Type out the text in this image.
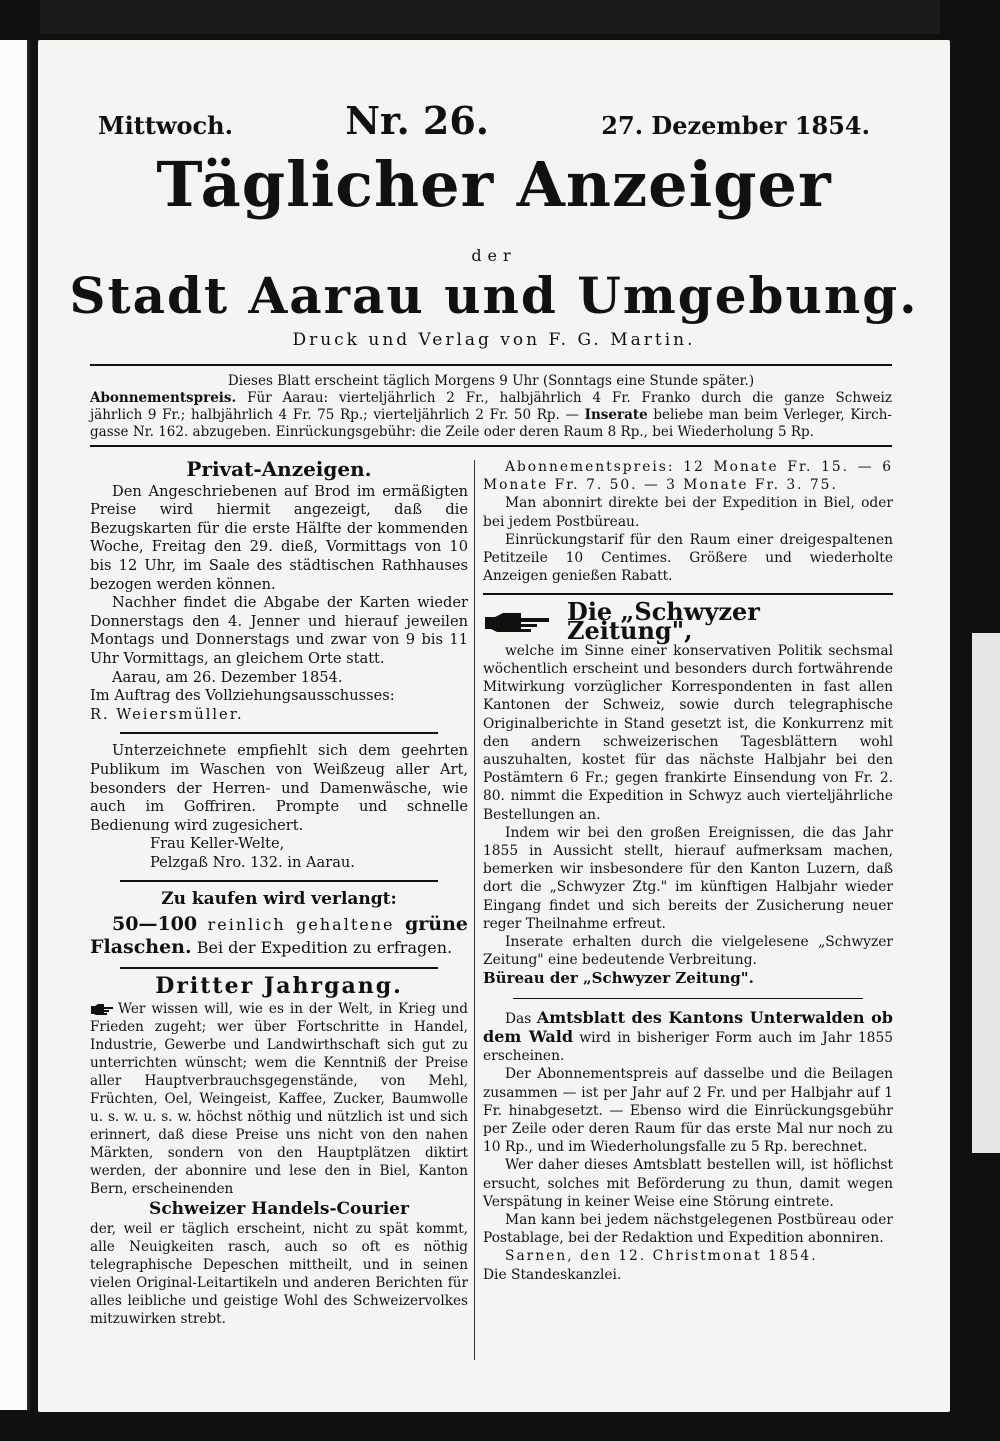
Mittwoch.	Nr. 26.	27. Dezember 1854.
Täglicher Anzeiger
der
Stadt Aarau und Umgebung.
Druck und Verlag von F. G. Martin.
Dieses Blatt erscheint täglich Morgens 9 Uhr (Sonntags eine Stunde später.)

Abonnementspreis. Für Aarau: vierteljährlich 2 Fr., halbjährlich 4 Fr. Franko durch die ganze Schweiz

jährlich 9 Fr.; halbjährlich 4 Fr. 75 Rp.; vierteljährlich 2 Fr. 50 Rp. — Inserate beliebe man beim Verleger, Kirch-

gasse Nr. 162. abzugeben. Einrückungsgebühr: die Zeile oder deren Raum 8 Rp., bei Wiederholung 5 Rp.

Privat-Anzeigen.

Den Angeschriebenen auf Brod im ermäßigten Preise wird hiermit angezeigt, daß die Bezugskarten für die erste Hälfte der kommenden Woche, Freitag den 29. dieß, Vormittags von 10 bis 12 Uhr, im Saale des städtischen Rathhauses bezogen werden können.

Nachher findet die Abgabe der Karten wieder Donnerstags den 4. Jenner und hierauf jeweilen Montags und Donnerstags und zwar von 9 bis 11 Uhr Vormittags, an gleichem Orte statt.

Aarau, am 26. Dezember 1854.

Im Auftrag des Vollziehungsausschusses:

R. Weiersmüller.

Unterzeichnete empfiehlt sich dem geehrten Publikum im Waschen von Weißzeug aller Art, besonders der Herren- und Damenwäsche, wie auch im Goffriren. Prompte und schnelle Bedienung wird zugesichert.

Frau Keller-Welte,

Pelzgaß Nro. 132. in Aarau.

Zu kaufen wird verlangt:

50—100 reinlich gehaltene grüne Flaschen. Bei der Expedition zu erfragen.

Dritter Jahrgang.

Wer wissen will, wie es in der Welt, in Krieg und Frieden zugeht; wer über Fortschritte in Handel, Industrie, Gewerbe und Landwirthschaft sich gut zu unterrichten wünscht; wem die Kenntniß der Preise aller Hauptverbrauchsgegenstände, von Mehl, Früchten, Oel, Weingeist, Kaffee, Zucker, Baumwolle u. s. w. u. s. w. höchst nöthig und nützlich ist und sich erinnert, daß diese Preise uns nicht von den nahen Märkten, sondern von den Hauptplätzen diktirt werden, der abonnire und lese den in Biel, Kanton Bern, erscheinenden

Schweizer Handels-Courier

der, weil er täglich erscheint, nicht zu spät kommt, alle Neuigkeiten rasch, auch so oft es nöthig telegraphische Depeschen mittheilt, und in seinen vielen Original-Leitartikeln und anderen Berichten für alles leibliche und geistige Wohl des Schweizervolkes mitzuwirken strebt.

Abonnementspreis: 12 Monate Fr. 15. — 6 Monate Fr. 7. 50. — 3 Monate Fr. 3. 75.

Man abonnirt direkte bei der Expedition in Biel, oder bei jedem Postbüreau.

Einrückungstarif für den Raum einer dreigespaltenen Petitzeile 10 Centimes. Größere und wiederholte Anzeigen genießen Rabatt.

Die „Schwyzer Zeitung",

welche im Sinne einer konservativen Politik sechsmal wöchentlich erscheint und besonders durch fortwährende Mitwirkung vorzüglicher Korrespondenten in fast allen Kantonen der Schweiz, sowie durch telegraphische Originalberichte in Stand gesetzt ist, die Konkurrenz mit den andern schweizerischen Tagesblättern wohl auszuhalten, kostet für das nächste Halbjahr bei den Postämtern 6 Fr.; gegen frankirte Einsendung von Fr. 2. 80. nimmt die Expedition in Schwyz auch vierteljährliche Bestellungen an.

Indem wir bei den großen Ereignissen, die das Jahr 1855 in Aussicht stellt, hierauf aufmerksam machen, bemerken wir insbesondere für den Kanton Luzern, daß dort die „Schwyzer Ztg." im künftigen Halbjahr wieder Eingang findet und sich bereits der Zusicherung neuer reger Theilnahme erfreut.

Inserate erhalten durch die vielgelesene „Schwyzer Zeitung" eine bedeutende Verbreitung.

Büreau der „Schwyzer Zeitung".

Das Amtsblatt des Kantons Unterwalden ob dem Wald wird in bisheriger Form auch im Jahr 1855 erscheinen.

Der Abonnementspreis auf dasselbe und die Beilagen zusammen — ist per Jahr auf 2 Fr. und per Halbjahr auf 1 Fr. hinabgesetzt. — Ebenso wird die Einrückungsgebühr per Zeile oder deren Raum für das erste Mal nur noch zu 10 Rp., und im Wiederholungsfalle zu 5 Rp. berechnet.

Wer daher dieses Amtsblatt bestellen will, ist höflichst ersucht, solches mit Beförderung zu thun, damit wegen Verspätung in keiner Weise eine Störung eintrete.

Man kann bei jedem nächstgelegenen Postbüreau oder Postablage, bei der Redaktion und Expedition abonniren.

Sarnen, den 12. Christmonat 1854.

Die Standeskanzlei.
